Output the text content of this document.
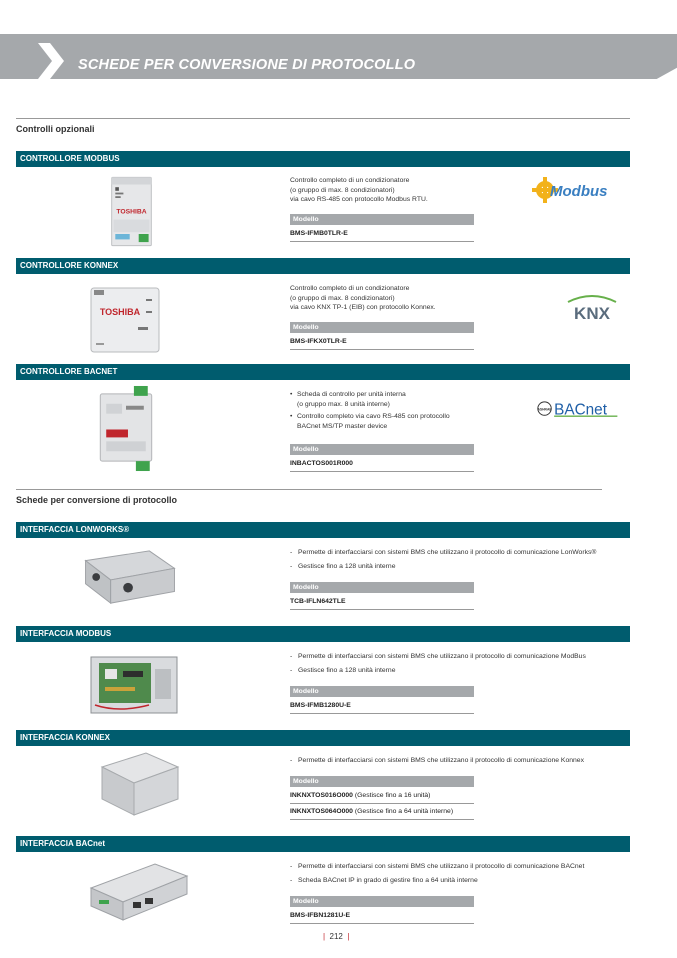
SCHEDE PER CONVERSIONE DI PROTOCOLLO
Controlli opzionali
CONTROLLORE MODBUS
TOSHIBA

Controllo completo di un condizionatore

(o gruppo di max. 8 condizionatori)

via cavo RS-485 con protocollo Modbus RTU.

Modello
BMS-IFMB0TLR-E
Modbus
CONTROLLORE KONNEX
TOSHIBA

Controllo completo di un condizionatore

(o gruppo di max. 8 condizionatori)

via cavo KNX TP-1 (EIB) con protocollo Konnex.

Modello
BMS-IFKX0TLR-E
KNX
CONTROLLORE BACNET

• Scheda di controllo per unità interna

(o gruppo max. 8 unità interne)

• Controllo completo via cavo RS-485 con protocollo

BACnet MS/TP master device

Modello
INBACTOS001R000
ASHRAE BACnet
Schede per conversione di protocollo
INTERFACCIA LONWORKS®

- Permette di interfacciarsi con sistemi BMS che utilizzano il protocollo di comunicazione LonWorks®

- Gestisce fino a 128 unità interne

Modello
TCB-IFLN642TLE
INTERFACCIA MODBUS

- Permette di interfacciarsi con sistemi BMS che utilizzano il protocollo di comunicazione ModBus

- Gestisce fino a 128 unità interne

Modello
BMS-IFMB1280U-E
INTERFACCIA KONNEX

- Permette di interfacciarsi con sistemi BMS che utilizzano il protocollo di comunicazione Konnex

Modello
INKNXTOS016O000 (Gestisce fino a 16 unità)
INKNXTOS064O000 (Gestisce fino a 64 unità interne)
INTERFACCIA BACnet

- Permette di interfacciarsi con sistemi BMS che utilizzano il protocollo di comunicazione BACnet

- Scheda BACnet IP in grado di gestire fino a 64 unità interne

Modello
BMS-IFBN1281U-E
| 212 |
